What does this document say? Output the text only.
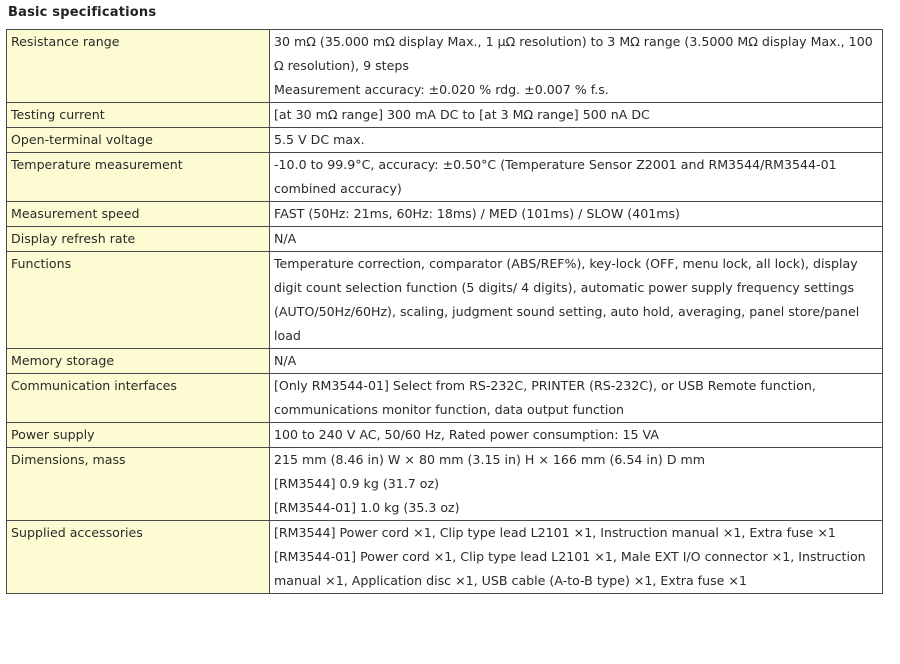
Basic specifications
Resistance range	30 mΩ (35.000 mΩ display Max., 1 μΩ resolution) to 3 MΩ range (3.5000 MΩ display Max., 100 Ω resolution), 9 steps
Measurement accuracy: ±0.020 % rdg. ±0.007 % f.s.

Testing current	[at 30 mΩ range] 300 mA DC to [at 3 MΩ range] 500 nA DC

Open-terminal voltage	5.5 V DC max.

Temperature measurement	-10.0 to 99.9°C, accuracy: ±0.50°C (Temperature Sensor Z2001 and RM3544/RM3544-01 combined accuracy)

Measurement speed	FAST (50Hz: 21ms, 60Hz: 18ms) / MED (101ms) / SLOW (401ms)

Display refresh rate	N/A

Functions	Temperature correction, comparator (ABS/REF%), key-lock (OFF, menu lock, all lock), display digit count selection function (5 digits/ 4 digits), automatic power supply frequency settings (AUTO/50Hz/60Hz), scaling, judgment sound setting, auto hold, averaging, panel store/panel load

Memory storage	N/A

Communication interfaces	[Only RM3544-01] Select from RS-232C, PRINTER (RS-232C), or USB Remote function, communications monitor function, data output function

Power supply	100 to 240 V AC, 50/60 Hz, Rated power consumption: 15 VA

Dimensions, mass	215 mm (8.46 in) W × 80 mm (3.15 in) H × 166 mm (6.54 in) D mm
[RM3544] 0.9 kg (31.7 oz)
[RM3544-01] 1.0 kg (35.3 oz)

Supplied accessories	[RM3544] Power cord ×1, Clip type lead L2101 ×1, Instruction manual ×1, Extra fuse ×1
[RM3544-01] Power cord ×1, Clip type lead L2101 ×1, Male EXT I/O connector ×1, Instruction manual ×1, Application disc ×1, USB cable (A-to-B type) ×1, Extra fuse ×1
